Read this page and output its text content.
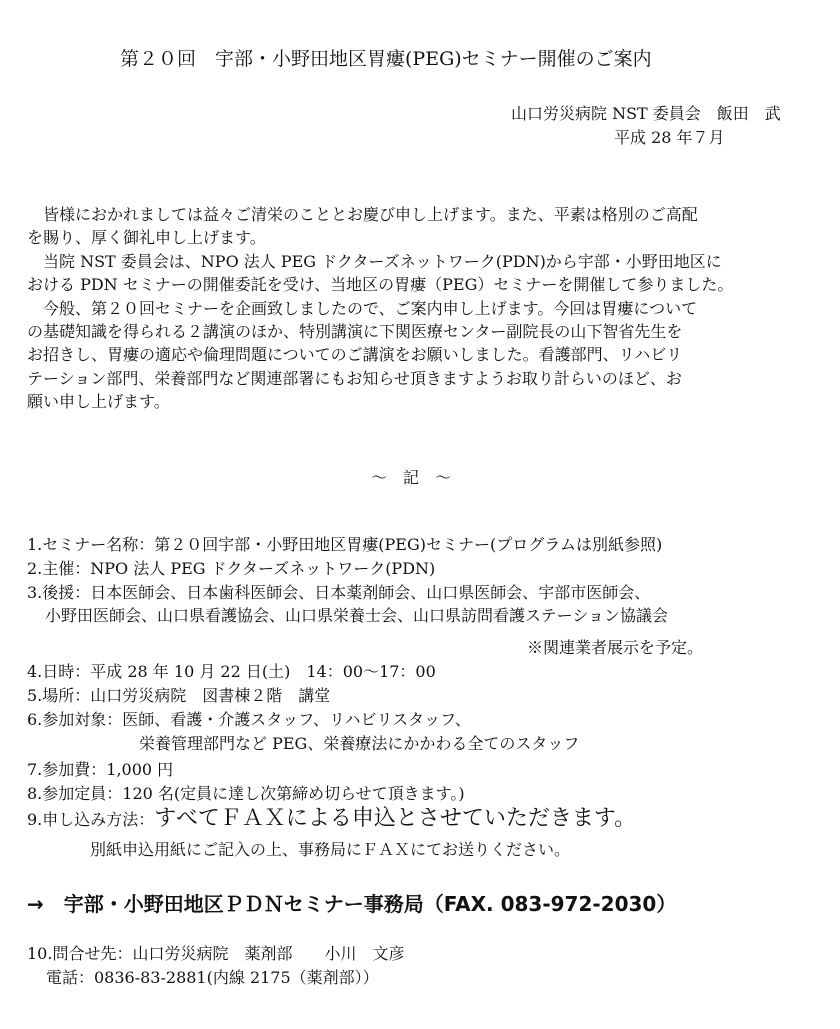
第２０回　宇部・小野田地区胃瘻(PEG)セミナー開催のご案内
山口労災病院 NST 委員会　飯田　武
平成 28 年７月

　皆様におかれましては益々ご清栄のこととお慶び申し上げます。また、平素は格別のご高配

を賜り、厚く御礼申し上げます。

　当院 NST 委員会は、NPO 法人 PEG ドクターズネットワーク(PDN)から宇部・小野田地区に

おける PDN セミナーの開催委託を受け、当地区の胃瘻（PEG）セミナーを開催して参りました。

　今般、第２０回セミナーを企画致しましたので、ご案内申し上げます。今回は胃瘻について

の基礎知識を得られる２講演のほか、特別講演に下関医療センター副院長の山下智省先生を

お招きし、胃瘻の適応や倫理問題についてのご講演をお願いしました。看護部門、リハビリ

テーション部門、栄養部門など関連部署にもお知らせ頂きますようお取り計らいのほど、お

願い申し上げます。

〜　記　〜
1.セミナー名称：第２０回宇部・小野田地区胃瘻(PEG)セミナー(プログラムは別紙参照)
2.主催：NPO 法人 PEG ドクターズネットワーク(PDN)
3.後援：日本医師会、日本歯科医師会、日本薬剤師会、山口県医師会、宇部市医師会、
小野田医師会、山口県看護協会、山口県栄養士会、山口県訪問看護ステーション協議会
※関連業者展示を予定。
4.日時：平成 28 年 10 月 22 日(土)　14：00〜17：00
5.場所：山口労災病院　図書棟２階　講堂
6.参加対象：医師、看護・介護スタッフ、リハビリスタッフ、
栄養管理部門など PEG、栄養療法にかかわる全てのスタッフ
7.参加費：1,000 円
8.参加定員：120 名(定員に達し次第締め切らせて頂きます。)
9.申し込み方法：すべてＦＡＸによる申込とさせていただきます。
別紙申込用紙にご記入の上、事務局にＦＡＸにてお送りください。
→　宇部・小野田地区ＰＤＮセミナー事務局（FAX. 083-972-2030）
10.問合せ先：山口労災病院　薬剤部　　小川　文彦
電話：0836-83-2881(内線 2175（薬剤部））
